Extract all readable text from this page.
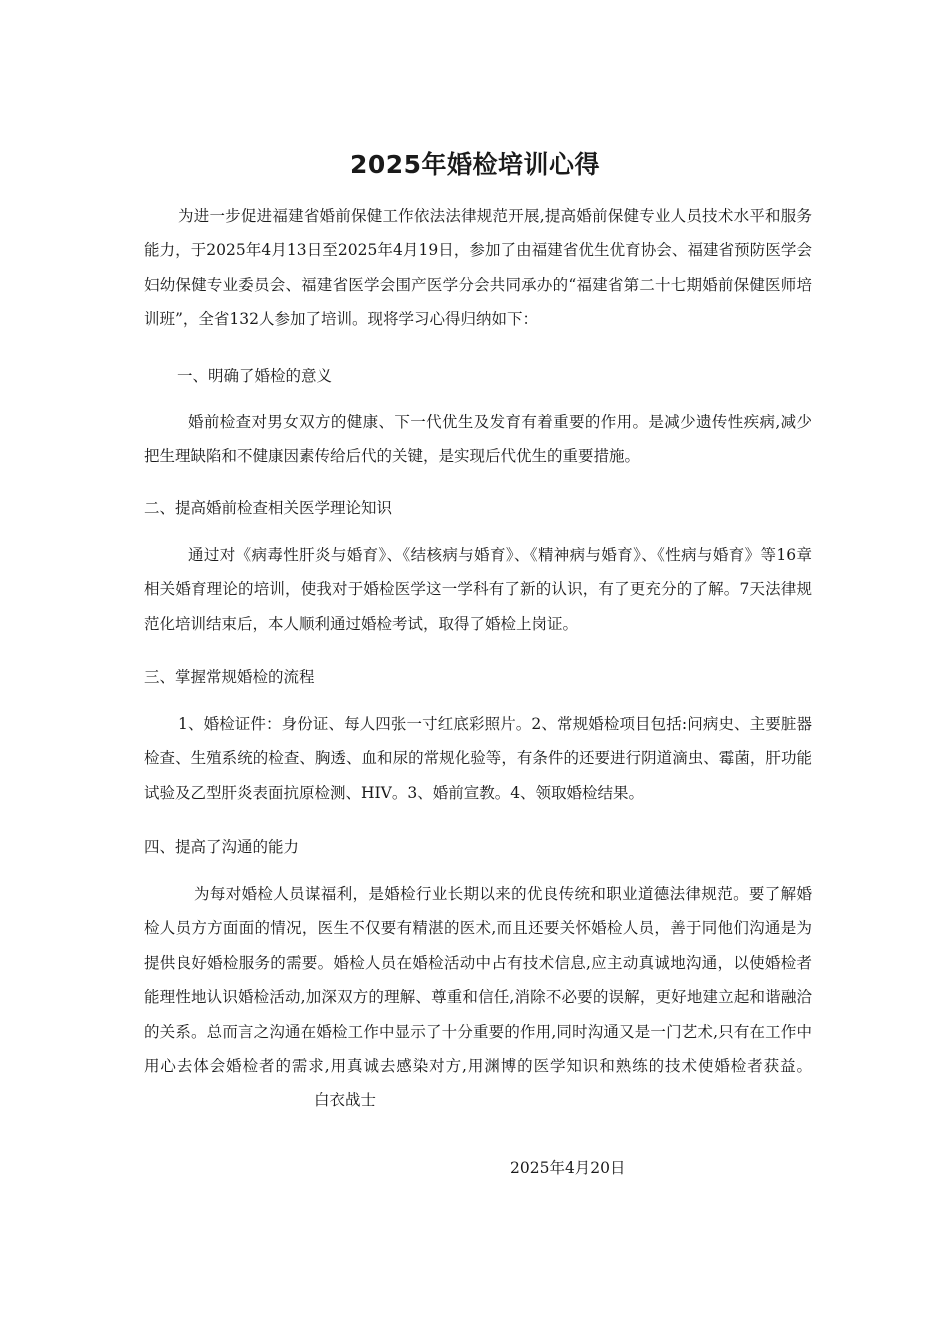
2025年婚检培训心得
为进一步促进福建省婚前保健工作依法法律规范开展,提高婚前保健专业人员技术水平和服务能力，于2025年4月13日至2025年4月19日，参加了由福建省优生优育协会、福建省预防医学会妇幼保健专业委员会、福建省医学会围产医学分会共同承办的“福建省第二十七期婚前保健医师培训班”，全省132人参加了培训。现将学习心得归纳如下：
一、明确了婚检的意义
婚前检查对男女双方的健康、下一代优生及发育有着重要的作用。是减少遗传性疾病,减少把生理缺陷和不健康因素传给后代的关键，是实现后代优生的重要措施。
二、提高婚前检查相关医学理论知识
通过对《病毒性肝炎与婚育》、《结核病与婚育》、《精神病与婚育》、《性病与婚育》等16章相关婚育理论的培训，使我对于婚检医学这一学科有了新的认识，有了更充分的了解。7天法律规范化培训结束后，本人顺利通过婚检考试，取得了婚检上岗证。
三、掌握常规婚检的流程
1、婚检证件：身份证、每人四张一寸红底彩照片。2、常规婚检项目包括:问病史、主要脏器检查、生殖系统的检查、胸透、血和尿的常规化验等，有条件的还要进行阴道滴虫、霉菌，肝功能试验及乙型肝炎表面抗原检测、HIV。3、婚前宣教。4、领取婚检结果。
四、提高了沟通的能力
为每对婚检人员谋福利，是婚检行业长期以来的优良传统和职业道德法律规范。要了解婚检人员方方面面的情况，医生不仅要有精湛的医术,而且还要关怀婚检人员，善于同他们沟通是为提供良好婚检服务的需要。婚检人员在婚检活动中占有技术信息,应主动真诚地沟通，以使婚检者能理性地认识婚检活动,加深双方的理解、尊重和信任,消除不必要的误解，更好地建立起和谐融洽的关系。总而言之沟通在婚检工作中显示了十分重要的作用,同时沟通又是一门艺术,只有在工作中用心去体会婚检者的需求,用真诚去感染对方,用渊博的医学知识和熟练的技术使婚检者获益。白衣战士
2025年4月20日
